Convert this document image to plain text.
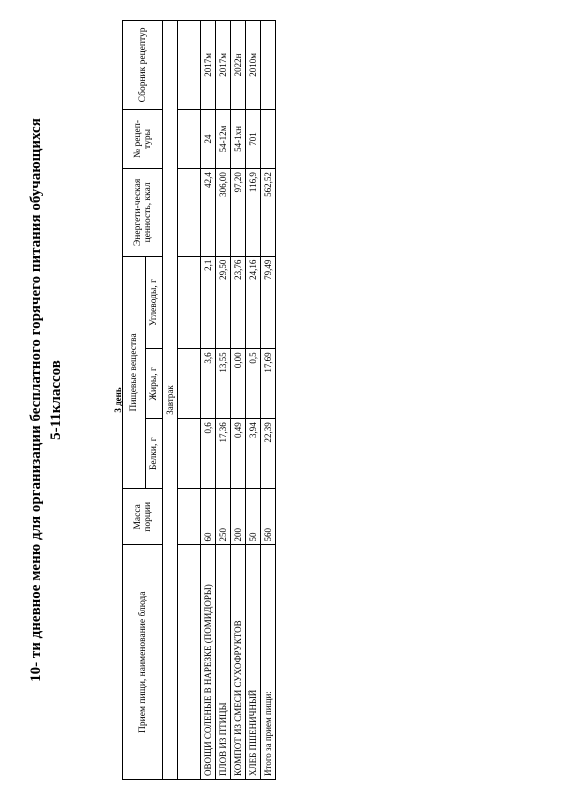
10- ти дневное меню для организации бесплатного горячего питания обучающихся 5-11классов	3 день
Прием пищи, наименование блюда	Масса порции	Пищевые вещества			Энергети-ческая ценность, ккал	№ рецеп-туры	Сборник рецептур
		Белки, г	Жиры, г	Углеводы, г			
Завтрак							

ОВОЩИ СОЛЕНЫЕ В НАРЕЗКЕ (ПОМИДОРЫ)	60	0,6	3,6	2,1	42,4	24	2017м
ПЛОВ ИЗ ПТИЦЫ	250	17,36	13,55	29,50	306,00	54-12м	2017м
КОМПОТ ИЗ СМЕСИ СУХОФРУКТОВ	200	0,49	0,00	23,76	97,20	54-1хн	2022н
ХЛЕБ ПШЕНИЧНЫЙ	50	3,94	0,5	24,16	116,9	701	2010м
Итого за прием пищи:	560	22,39	17,69	79,49	562,52		
